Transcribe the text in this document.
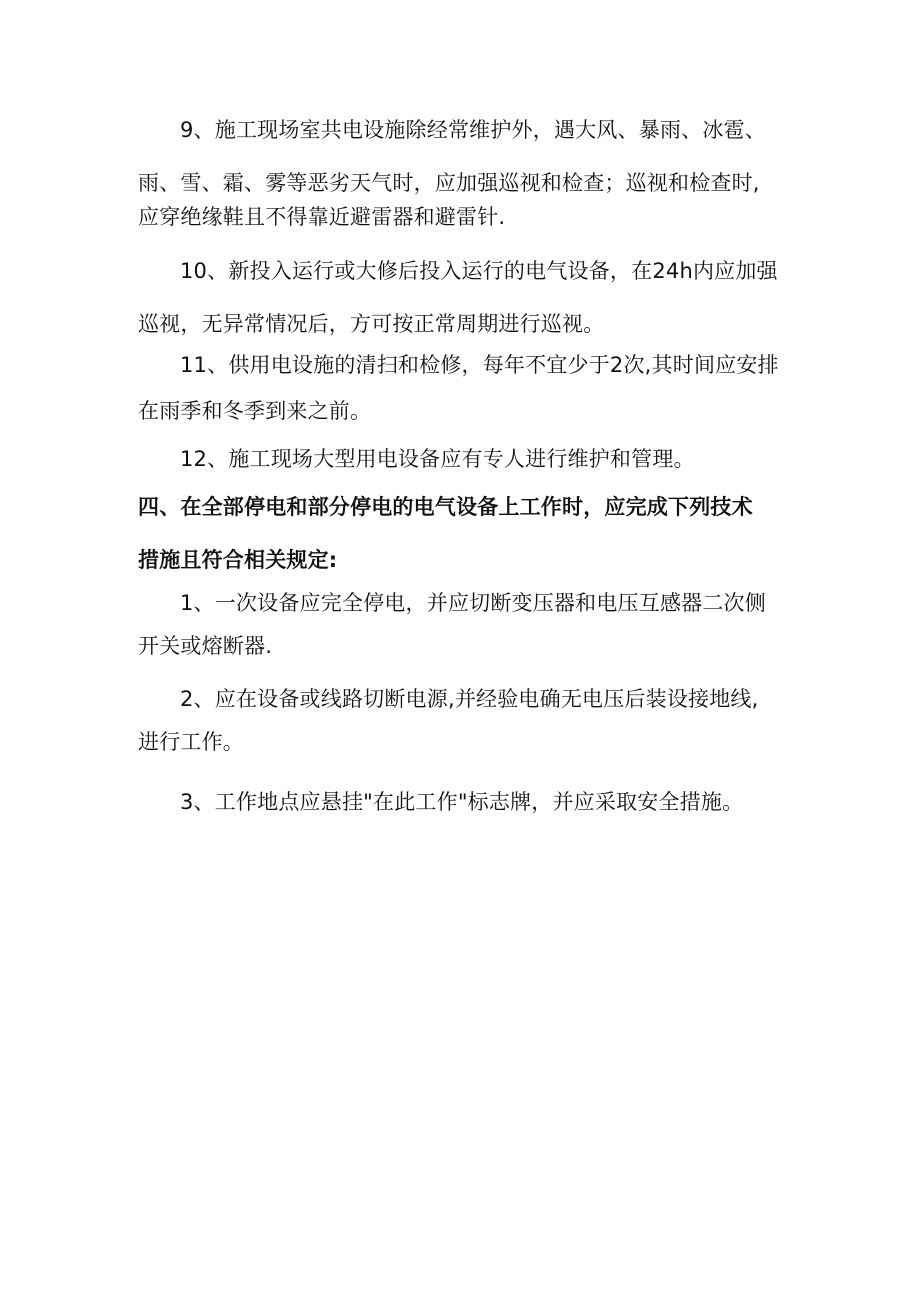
9、施工现场室共电设施除经常维护外，遇大风、暴雨、冰雹、
雨、雪、霜、雾等恶劣天气时，应加强巡视和检查；巡视和检查时,
应穿绝缘鞋且不得靠近避雷器和避雷针.
10、新投入运行或大修后投入运行的电气设备，在24h内应加强
巡视，无异常情况后，方可按正常周期进行巡视。
11、供用电设施的清扫和检修，每年不宜少于2次,其时间应安排
在雨季和冬季到来之前。
12、施工现场大型用电设备应有专人进行维护和管理。
四、在全部停电和部分停电的电气设备上工作时，应完成下列技术
措施且符合相关规定:
1、一次设备应完全停电，并应切断变压器和电压互感器二次侧
开关或熔断器.
2、应在设备或线路切断电源,并经验电确无电压后装设接地线,
进行工作。
3、工作地点应悬挂"在此工作"标志牌，并应采取安全措施。
